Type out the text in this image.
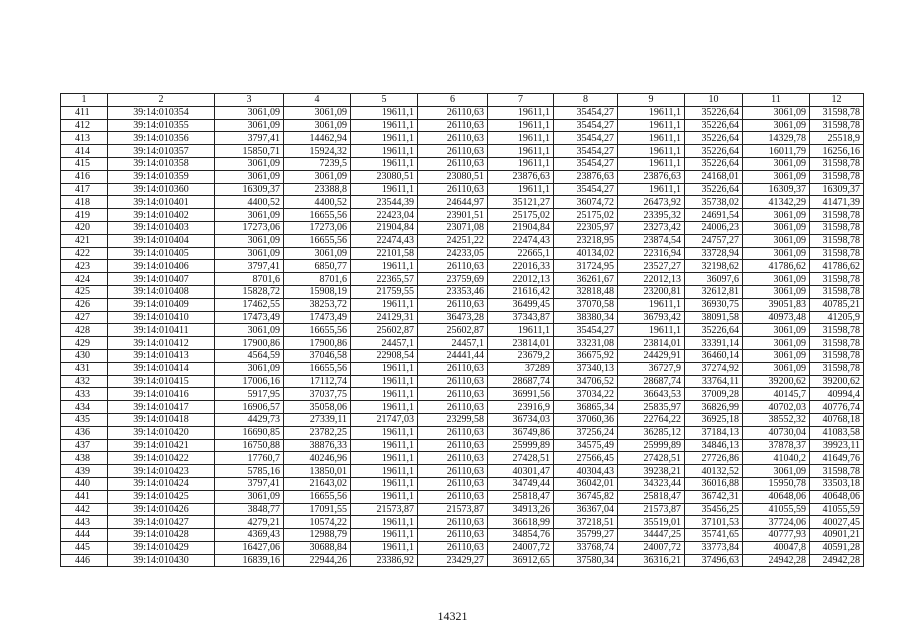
1	2	3	4	5	6	7	8	9	10	11	12
411	39:14:010354	3061,09	3061,09	19611,1	26110,63	19611,1	35454,27	19611,1	35226,64	3061,09	31598,78
412	39:14:010355	3061,09	3061,09	19611,1	26110,63	19611,1	35454,27	19611,1	35226,64	3061,09	31598,78
413	39:14:010356	3797,41	14462,94	19611,1	26110,63	19611,1	35454,27	19611,1	35226,64	14329,78	25518,9
414	39:14:010357	15850,71	15924,32	19611,1	26110,63	19611,1	35454,27	19611,1	35226,64	16011,79	16256,16
415	39:14:010358	3061,09	7239,5	19611,1	26110,63	19611,1	35454,27	19611,1	35226,64	3061,09	31598,78
416	39:14:010359	3061,09	3061,09	23080,51	23080,51	23876,63	23876,63	23876,63	24168,01	3061,09	31598,78
417	39:14:010360	16309,37	23388,8	19611,1	26110,63	19611,1	35454,27	19611,1	35226,64	16309,37	16309,37
418	39:14:010401	4400,52	4400,52	23544,39	24644,97	35121,27	36074,72	26473,92	35738,02	41342,29	41471,39
419	39:14:010402	3061,09	16655,56	22423,04	23901,51	25175,02	25175,02	23395,32	24691,54	3061,09	31598,78
420	39:14:010403	17273,06	17273,06	21904,84	23071,08	21904,84	22305,97	23273,42	24006,23	3061,09	31598,78
421	39:14:010404	3061,09	16655,56	22474,43	24251,22	22474,43	23218,95	23874,54	24757,27	3061,09	31598,78
422	39:14:010405	3061,09	3061,09	22101,58	24233,05	22665,1	40134,02	22316,94	33728,94	3061,09	31598,78
423	39:14:010406	3797,41	6850,77	19611,1	26110,63	22016,33	31724,95	23527,27	32198,62	41786,62	41786,62
424	39:14:010407	8701,6	8701,6	22365,57	23759,69	22012,13	36261,67	22012,13	36097,6	3061,09	31598,78
425	39:14:010408	15828,72	15908,19	21759,55	23353,46	21616,42	32818,48	23200,81	32612,81	3061,09	31598,78
426	39:14:010409	17462,55	38253,72	19611,1	26110,63	36499,45	37070,58	19611,1	36930,75	39051,83	40785,21
427	39:14:010410	17473,49	17473,49	24129,31	36473,28	37343,87	38380,34	36793,42	38091,58	40973,48	41205,9
428	39:14:010411	3061,09	16655,56	25602,87	25602,87	19611,1	35454,27	19611,1	35226,64	3061,09	31598,78
429	39:14:010412	17900,86	17900,86	24457,1	24457,1	23814,01	33231,08	23814,01	33391,14	3061,09	31598,78
430	39:14:010413	4564,59	37046,58	22908,54	24441,44	23679,2	36675,92	24429,91	36460,14	3061,09	31598,78
431	39:14:010414	3061,09	16655,56	19611,1	26110,63	37289	37340,13	36727,9	37274,92	3061,09	31598,78
432	39:14:010415	17006,16	17112,74	19611,1	26110,63	28687,74	34706,52	28687,74	33764,11	39200,62	39200,62
433	39:14:010416	5917,95	37037,75	19611,1	26110,63	36991,56	37034,22	36643,53	37009,28	40145,7	40994,4
434	39:14:010417	16906,57	35058,06	19611,1	26110,63	23916,9	36865,34	25835,97	36826,99	40702,03	40776,74
435	39:14:010418	4429,73	27339,11	21747,03	23299,58	36734,03	37060,36	22764,22	36925,18	38552,32	40768,18
436	39:14:010420	16690,85	23782,25	19611,1	26110,63	36749,86	37256,24	36285,12	37184,13	40730,04	41083,58
437	39:14:010421	16750,88	38876,33	19611,1	26110,63	25999,89	34575,49	25999,89	34846,13	37878,37	39923,11
438	39:14:010422	17760,7	40246,96	19611,1	26110,63	27428,51	27566,45	27428,51	27726,86	41040,2	41649,76
439	39:14:010423	5785,16	13850,01	19611,1	26110,63	40301,47	40304,43	39238,21	40132,52	3061,09	31598,78
440	39:14:010424	3797,41	21643,02	19611,1	26110,63	34749,44	36042,01	34323,44	36016,88	15950,78	33503,18
441	39:14:010425	3061,09	16655,56	19611,1	26110,63	25818,47	36745,82	25818,47	36742,31	40648,06	40648,06
442	39:14:010426	3848,77	17091,55	21573,87	21573,87	34913,26	36367,04	21573,87	35456,25	41055,59	41055,59
443	39:14:010427	4279,21	10574,22	19611,1	26110,63	36618,99	37218,51	35519,01	37101,53	37724,06	40027,45
444	39:14:010428	4369,43	12988,79	19611,1	26110,63	34854,76	35799,27	34447,25	35741,65	40777,93	40901,21
445	39:14:010429	16427,06	30688,84	19611,1	26110,63	24007,72	33768,74	24007,72	33773,84	40047,8	40591,28
446	39:14:010430	16839,16	22944,26	23386,92	23429,27	36912,65	37580,34	36316,21	37496,63	24942,28	24942,28
14321
